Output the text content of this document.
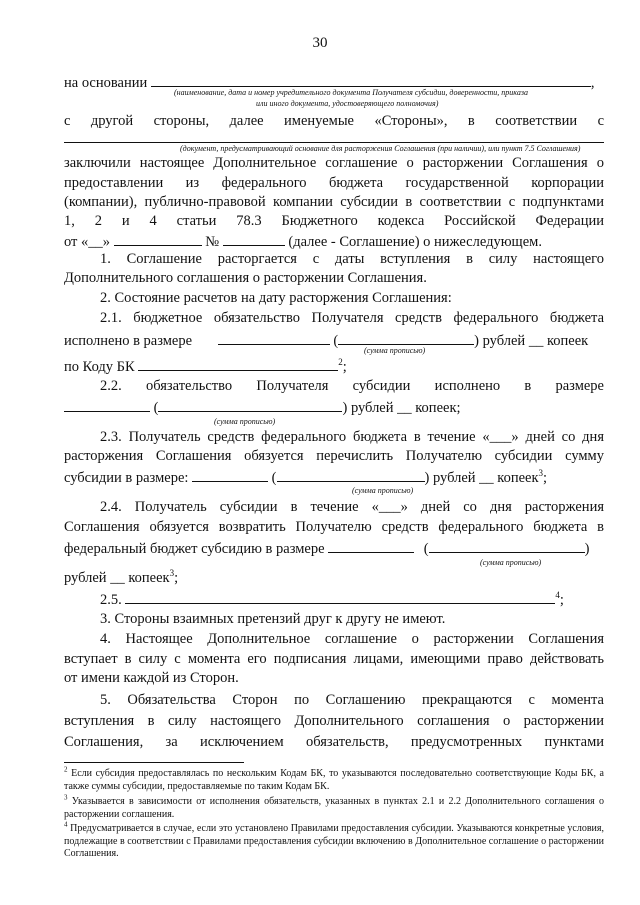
30
на основании	,
(наименование, дата и номер учредительного документа Получателя субсидии, доверенности, приказа
или иного документа, удостоверяющего полномочия)
с другой стороны, далее именуемые «Стороны», в соответствии с
(документ, предусматривающий основание для расторжения Соглашения (при наличии), или пункт 7.5 Соглашения)
заключили настоящее Дополнительное соглашение о расторжении Соглашения о
предоставлении из федерального бюджета государственной корпорации
(компании), публично-правовой компании субсидии в соответствии с подпунктами
1, 2 и 4 статьи 78.3 Бюджетного кодекса Российской Федерации
от «__»	№	(далее - Соглашение) о нижеследующем.
1. Соглашение расторгается с даты вступления в силу настоящего
Дополнительного соглашения о расторжении Соглашения.
2. Состояние расчетов на дату расторжения Соглашения:
2.1. бюджетное обязательство Получателя средств федерального бюджета
исполнено в размере	(	) рублей __ копеек
(сумма прописью)
по Коду БК	$^2$;
2.2. обязательство Получателя субсидии исполнено в размере
(	) рублей __ копеек;
(сумма прописью)
2.3. Получатель средств федерального бюджета в течение «___» дней со дня
расторжения Соглашения обязуется перечислить Получателю субсидии сумму
субсидии в размере:	(	) рублей __ копеек$^3$;
(сумма прописью)
2.4. Получатель субсидии в течение «___» дней со дня расторжения
Соглашения обязуется возвратить Получателю средств федерального бюджета в
федеральный бюджет субсидию в размере	(	)
(сумма прописью)
рублей __ копеек$^3$;
2.5.	$^4$;
3. Стороны взаимных претензий друг к другу не имеют.
4. Настоящее Дополнительное соглашение о расторжении Соглашения
вступает в силу с момента его подписания лицами, имеющими право действовать
от имени каждой из Сторон.
5. Обязательства Сторон по Соглашению прекращаются с момента
вступления в силу настоящего Дополнительного соглашения о расторжении
Соглашения, за исключением обязательств, предусмотренных пунктами
$^2$ Если субсидия предоставлялась по нескольким Кодам БК, то указываются последовательно соответствующие Коды БК, а также суммы субсидии, предоставляемые по таким Кодам БК.
$^3$ Указывается в зависимости от исполнения обязательств, указанных в пунктах 2.1 и 2.2 Дополнительного соглашения о расторжении соглашения.
$^4$ Предусматривается в случае, если это установлено Правилами предоставления субсидии. Указываются конкретные условия, подлежащие в соответствии с Правилами предоставления субсидии включению в Дополнительное соглашение о расторжении Соглашения.
